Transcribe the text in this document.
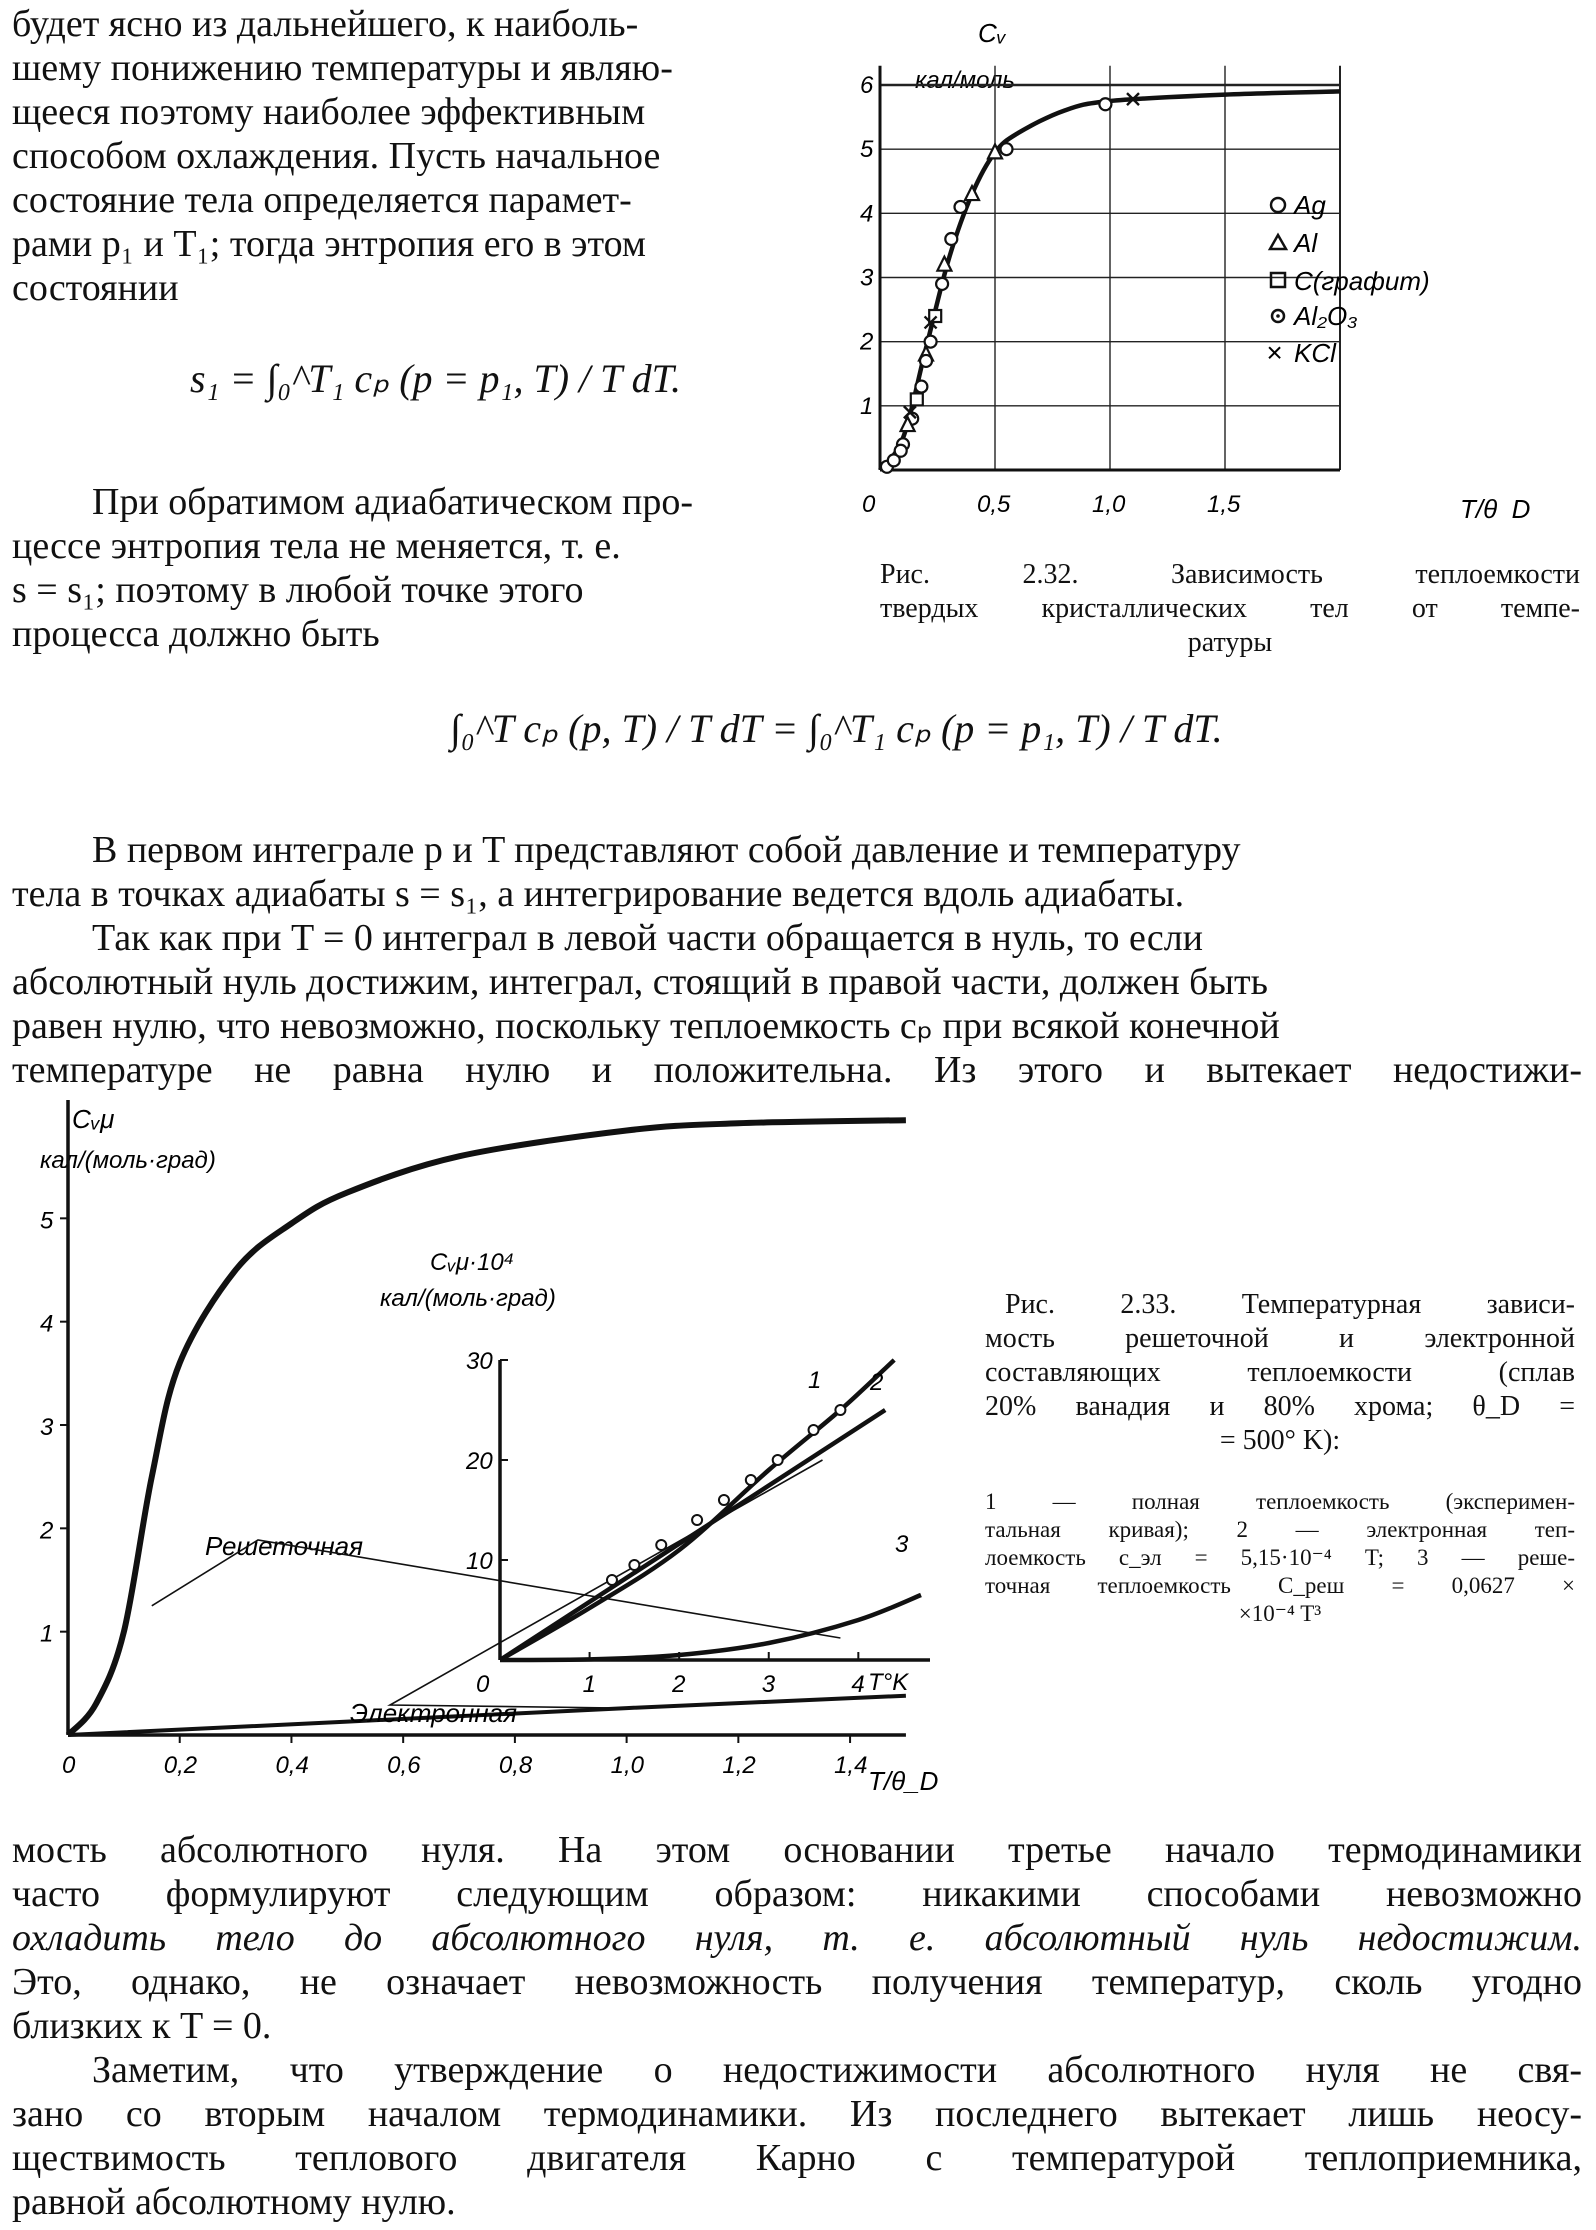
будет ясно из дальнейшего, к наиболь-
шему понижению температуры и являю-
щееся поэтому наиболее эффективным
способом охлаждения. Пусть начальное
состояние тела определяется парамет-
рами p₁ и T₁; тогда энтропия его в этом
состоянии
s₁ = ∫₀^T₁ cₚ (p = p₁, T) / T dT.
При обратимом адиабатическом про-
цессе энтропия тела не меняется, т. е.
s = s₁; поэтому в любой точке этого
процесса должно быть
Cᵥ
кал/моль
Ag
Al
C(графит)
Al₂O₃
× KCl
0	0,5	1,0	1,5
1
2
3
4
5
6
T/θ_D
Рис. 2.32. Зависимость теплоемкости
твердых кристаллических тел от темпе-
ратуры
∫₀^T cₚ (p, T) / T dT = ∫₀^T₁ cₚ (p = p₁, T) / T dT.
В первом интеграле p и T представляют собой давление и температуру
тела в точках адиабаты s = s₁, а интегрирование ведется вдоль адиабаты.
Так как при T = 0 интеграл в левой части обращается в нуль, то если
абсолютный нуль достижим, интеграл, стоящий в правой части, должен быть
равен нулю, что невозможно, поскольку теплоемкость cₚ при всякой конечной
температуре не равна нулю и положительна. Из этого и вытекает недостижи-
Cᵥμ
кал/(моль·град)
0	0,2	0,4	0,6	0,8	1,0	1,2	1,4
1
2
3
4
5
T/θ_D
Решеточная
Электронная
Cᵥμ·10⁴
кал/(моль·град)
0	1	2	3	4
10
20
30
T°K
1 2
3
Рис. 2.33. Температурная зависи-
мость решеточной и электронной
составляющих теплоемкости (сплав
20% ванадия и 80% хрома; θ_D =
= 500° K):
1 — полная теплоемкость (эксперимен-
тальная кривая); 2 — электронная теп-
лоемкость c_эл = 5,15·10⁻⁴ T; 3 — реше-
точная теплоемкость C_реш = 0,0627 ×
×10⁻⁴ T³
мость абсолютного нуля. На этом основании третье начало термодинамики
часто формулируют следующим образом: никакими способами невозможно
охладить тело до абсолютного нуля, т. е. абсолютный нуль недостижим.
Это, однако, не означает невозможность получения температур, сколь угодно
близких к T = 0.
Заметим, что утверждение о недостижимости абсолютного нуля не свя-
зано со вторым началом термодинамики. Из последнего вытекает лишь неосу-
ществимость теплового двигателя Карно с температурой теплоприемника,
равной абсолютному нулю.
